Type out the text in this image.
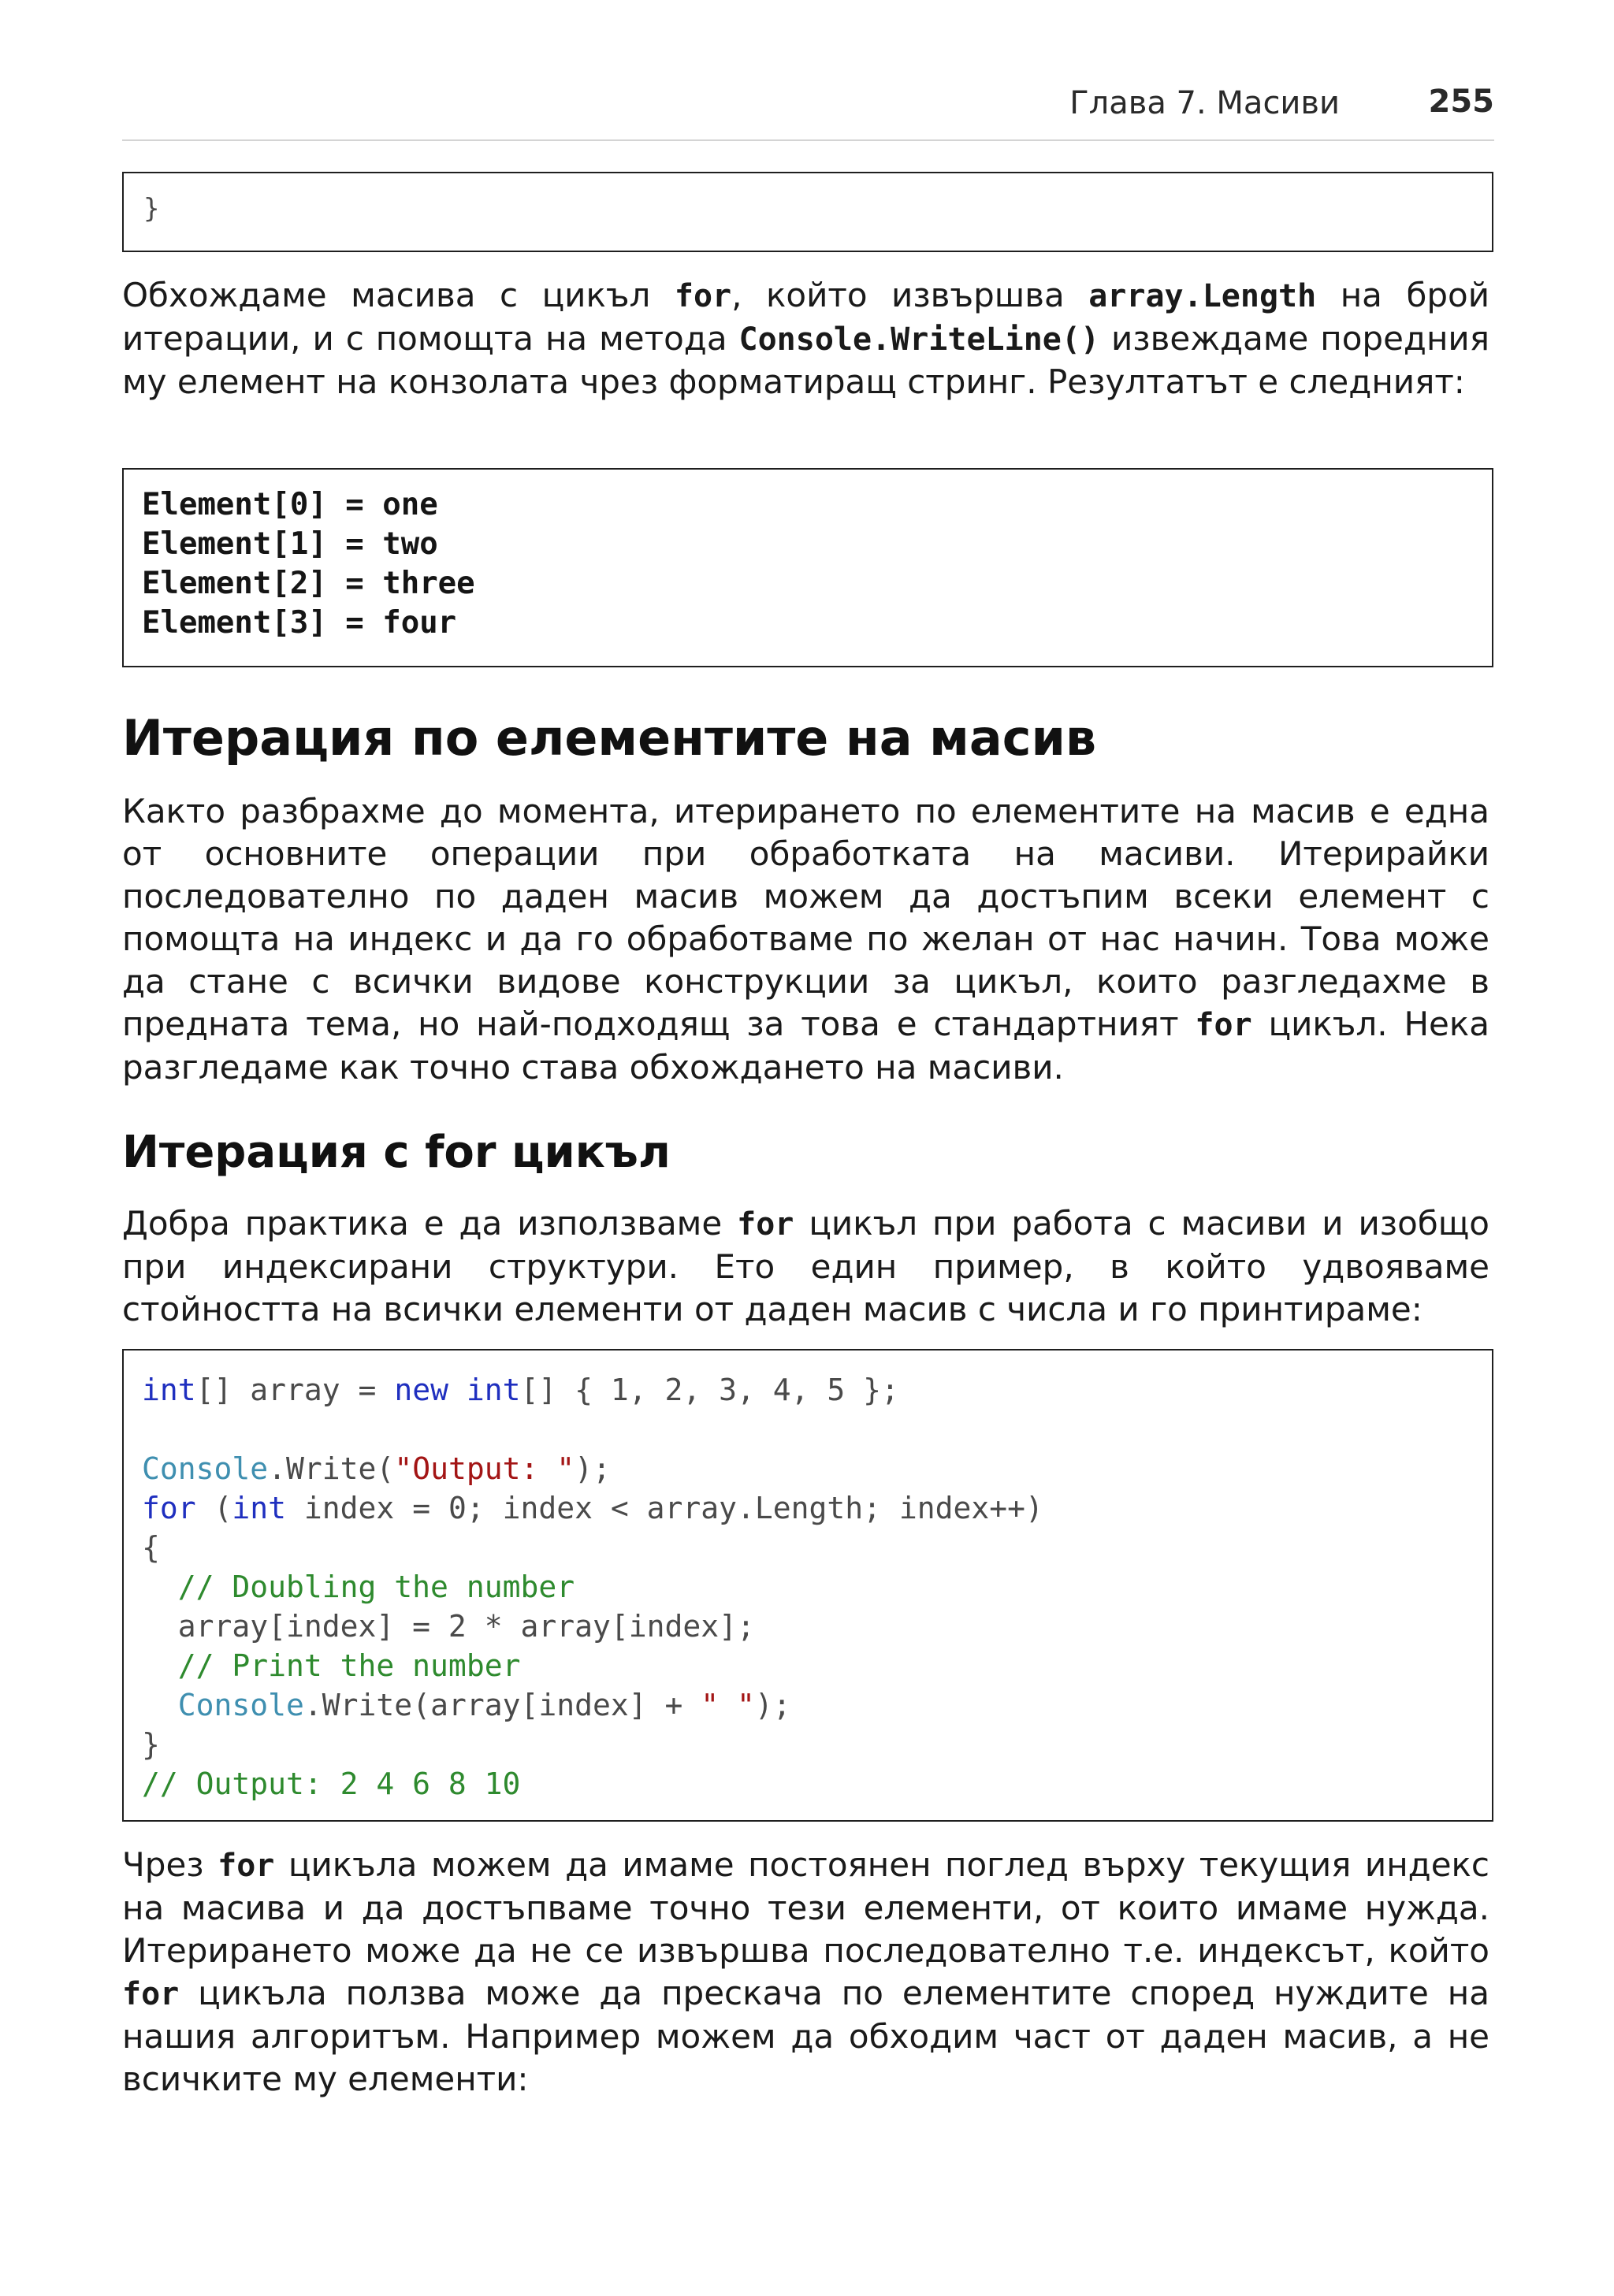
Глава 7. Масиви	255
}
Обхождаме масива с цикъл for, който извършва array.Length на брой итерации, и с помощта на метода Console.WriteLine() извеждаме поредния му елемент на конзолата чрез форматиращ стринг. Резултатът е следният:
Element[0] = one
Element[1] = two
Element[2] = three
Element[3] = four
Итерация по елементите на масив
Както разбрахме до момента, итерирането по елементите на масив е една от основните операции при обработката на масиви. Итерирайки последователно по даден масив можем да достъпим всеки елемент с помощта на индекс и да го обработваме по желан от нас начин. Това може да стане с всички видове конструкции за цикъл, които разгледахме в предната тема, но най-подходящ за това е стандартният for цикъл. Нека разгледаме как точно става обхождането на масиви.
Итерация с for цикъл
Добра практика е да използваме for цикъл при работа с масиви и изобщо при индексирани структури. Ето един пример, в който удвояваме стойността на всички елементи от даден масив с числа и го принтираме:
int[] array = new int[] { 1, 2, 3, 4, 5 };
Console.Write("Output: ");
for (int index = 0; index < array.Length; index++)
{
// Doubling the number
array[index] = 2 * array[index];
// Print the number
Console.Write(array[index] + " ");
}
// Output: 2 4 6 8 10
Чрез for цикъла можем да имаме постоянен поглед върху текущия индекс на масива и да достъпваме точно тези елементи, от които имаме нужда. Итерирането може да не се извършва последователно т.е. индексът, който for цикъла ползва може да прескача по елементите според нуждите на нашия алгоритъм. Например можем да обходим част от даден масив, а не всичките му елементи:
